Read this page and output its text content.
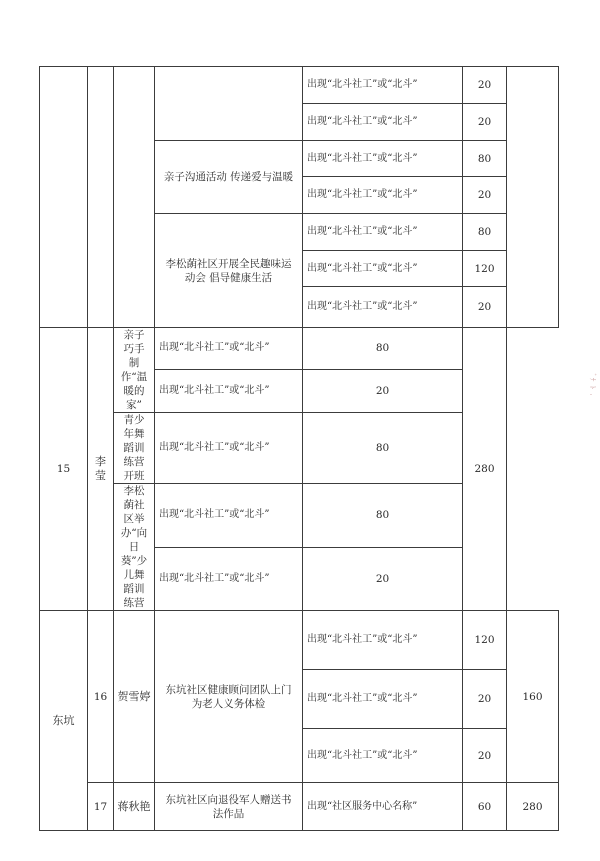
				出现“北斗社工”或“北斗”	20	
				出现“北斗社工”或“北斗”	20	
			亲子沟通活动 传递爱与温暖	出现“北斗社工”或“北斗”	80	
				出现“北斗社工”或“北斗”	20	
			李松蓢社区开展全民趣味运动会 倡导健康生活	出现“北斗社工”或“北斗”	80	
				出现“北斗社工”或“北斗”	120	
				出现“北斗社工”或“北斗”	20	
15	李莹	亲子巧手制作“温暖的家”	出现“北斗社工”或“北斗”	80	280	
			出现“北斗社工”或“北斗”	20		
		青少年舞蹈训练营开班	出现“北斗社工”或“北斗”	80		
		李松蓢社区举办“向日葵”少儿舞蹈训练营	出现“北斗社工”或“北斗”	80		
			出现“北斗社工”或“北斗”	20		
东坑	16	贺雪婷	东坑社区健康顾问团队上门为老人义务体检	出现“北斗社工”或“北斗”	120	160
				出现“北斗社工”或“北斗”	20	
				出现“北斗社工”或“北斗”	20	
	17	蒋秋艳	东坑社区向退役军人赠送书法作品	出现“社区服务中心名称”	60	280
ﾞﾅ ﾄ .
